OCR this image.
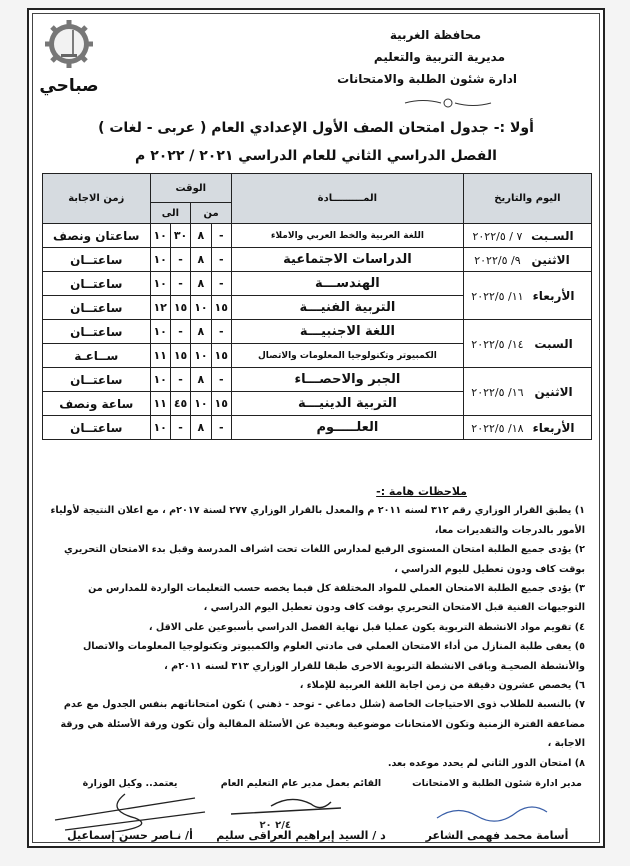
محافظة الغربية
مديرية التربية والتعليم
ادارة شئون الطلبة والامتحانات
صباحي
أولا :- جدول امتحان الصف الأول الإعدادي العام ( عربى - لغات )
الفصل الدراسي الثاني للعام الدراسي ٢٠٢١ / ٢٠٢٢ م
اليوم والتاريخ	المـــــــــادة	الوقت				زمن الاجابة
		من		الى		
السـبت٧ / ٢٠٢٢/٥	اللغة العربية والخط العربي والاملاء	-	٨	٣٠	١٠	ساعتان ونصف
الاثنين٩/ ٢٠٢٢/٥	الدراسات الاجتماعية	-	٨	-	١٠	ساعتــان
الأربعاء١١/ ٢٠٢٢/٥	الهندســـة	-	٨	-	١٠	ساعتــان
	التربية الفنيـــة	١٥	١٠	١٥	١٢	ساعتــان
السبت١٤/ ٢٠٢٢/٥	اللغة الاجنبيـــة	-	٨	-	١٠	ساعتــان
	الكمبيوتر وتكنولوجيا المعلومات والاتصال	١٥	١٠	١٥	١١	ســاعـة
الاثنين١٦/ ٢٠٢٢/٥	الجبر والاحصـــاء	-	٨	-	١٠	ساعتــان
	التربية الدينيـــة	١٥	١٠	٤٥	١١	ساعة ونصف
الأربعاء١٨/ ٢٠٢٢/٥	العلـــــوم	-	٨	-	١٠	ساعتــان
ملاحظات هامة :-
١) يطبق القرار الوزاري رقم ٣١٢ لسنه ٢٠١١ م والمعدل بالقرار الوزاري ٢٧٧ لسنة ٢٠١٧م ، مع اعلان النتيجة لأولياء الأمور بالدرجات والتقديرات معا،
٢) يؤدى جميع الطلبة امتحان المستوى الرفيع لمدارس اللغات تحت اشراف المدرسة وقبل بدء الامتحان التحريري بوقت كاف ودون تعطيل لليوم الدراسي ،
٣) يؤدى جميع الطلبة الامتحان العملي للمواد المختلفة كل فيما يخصه حسب التعليمات الواردة للمدارس من التوجيهات الفنية قبل الامتحان التحريري بوقت كاف ودون تعطيل اليوم الدراسي ،
٤) تقويم مواد الانشطة التربوية يكون عمليا قبل نهاية الفصل الدراسي بأسبوعين على الاقل ،
٥) يعفى طلبة المنازل من أداء الامتحان العملي فى مادتي العلوم والكمبيوتر وتكنولوجيا المعلومات والاتصال والأنشطة الصحيـة وباقى الانشطة التربوية الاخرى طبقا للقرار الوزاري ٣١٣ لسنه ٢٠١١م ،
٦) يخصص عشرون دقيقة من زمن اجابة اللغة العربية للإملاء ،
٧) بالنسبة للطلاب ذوى الاحتياجات الخاصة (شلل دماغي - توحد - ذهني ) تكون امتحاناتهم بنفس الجدول مع عدم مضاعفة الفترة الزمنية وتكون الامتحانات موضوعية وبعيدة عن الأسئلة المقالية وأن تكون ورقة الأسئلة هي ورقة الاجابة ،
٨) امتحان الدور الثاني لم يحدد موعده بعد.
مدير ادارة شئون الطلبة و الامتحانات
أسامة محمد فهمى الشاعر
القائم بعمل مدير عام التعليم العام
٢/٤ ٢٠
د / السيد إبراهيم العراقى سليم
يعتمد.. وكيل الوزارة
أ/ نـاصر حسن إسماعيل
